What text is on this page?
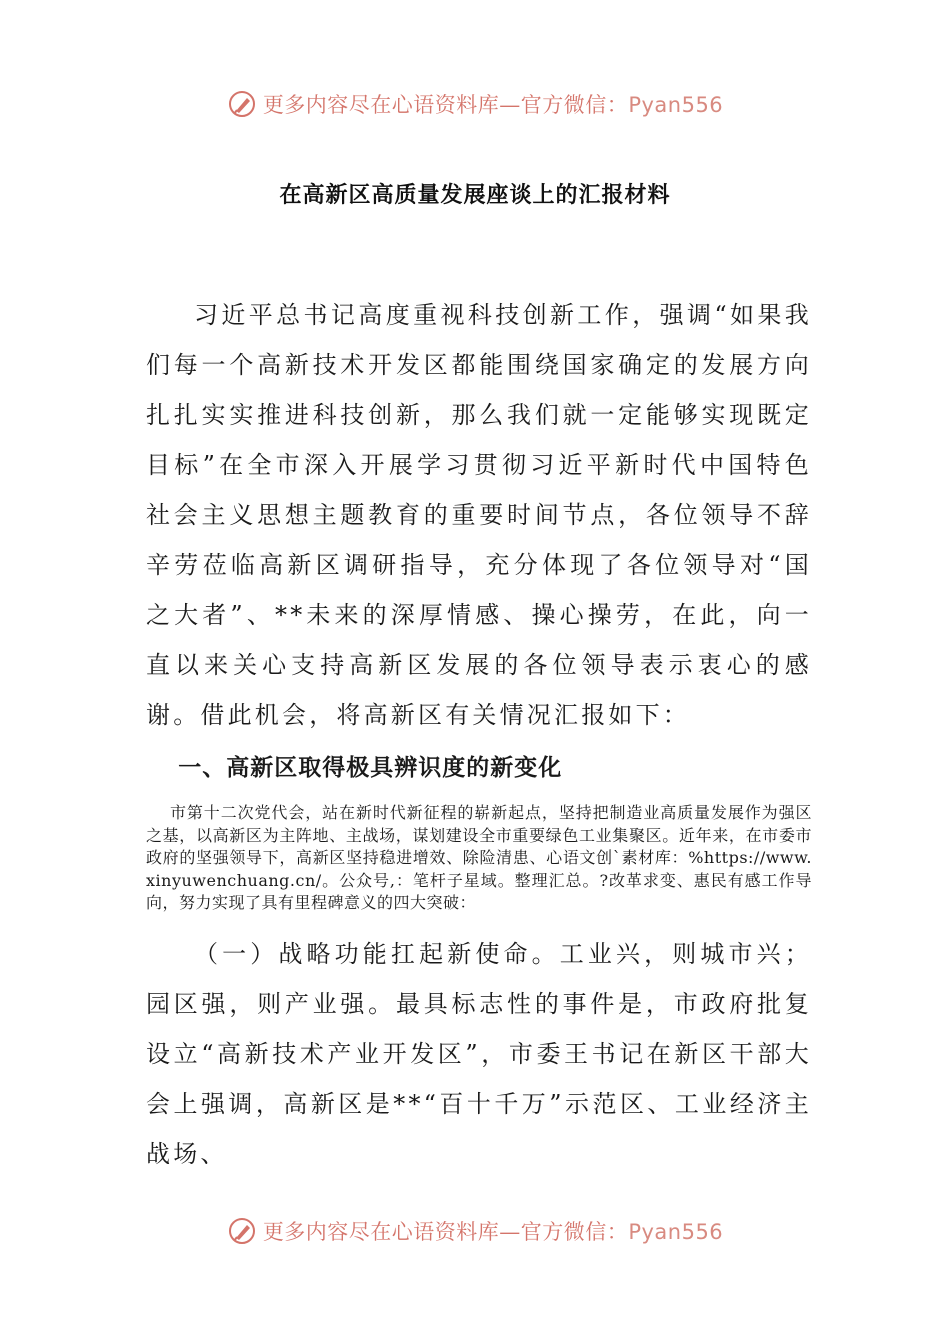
更多内容尽在心语资料库—官方微信：Pyan556
在高新区高质量发展座谈上的汇报材料

习近平总书记高度重视科技创新工作，强调“如果我们每一个高新技术开发区都能围绕国家确定的发展方向扎扎实实推进科技创新，那么我们就一定能够实现既定目标”在全市深入开展学习贯彻习近平新时代中国特色社会主义思想主题教育的重要时间节点，各位领导不辞辛劳莅临高新区调研指导，充分体现了各位领导对“国之大者”、**未来的深厚情感、操心操劳，在此，向一直以来关心支持高新区发展的各位领导表示衷心的感谢。借此机会，将高新区有关情况汇报如下：

一、高新区取得极具辨识度的新变化

市第十二次党代会，站在新时代新征程的崭新起点，坚持把制造业高质量发展作为强区之基，以高新区为主阵地、主战场，谋划建设全市重要绿色工业集聚区。近年来，在市委市政府的坚强领导下，高新区坚持稳进增效、除险清患、心语文创`素材库：%https://www.xinyuwenchuang.cn/。公众号,：笔杆子星域。整理汇总。?改革求变、惠民有感工作导向，努力实现了具有里程碑意义的四大突破：

（一）战略功能扛起新使命。工业兴，则城市兴；园区强，则产业强。最具标志性的事件是，市政府批复设立“高新技术产业开发区”，市委王书记在新区干部大会上强调，高新区是**“百十千万”示范区、工业经济主战场、

更多内容尽在心语资料库—官方微信：Pyan556
